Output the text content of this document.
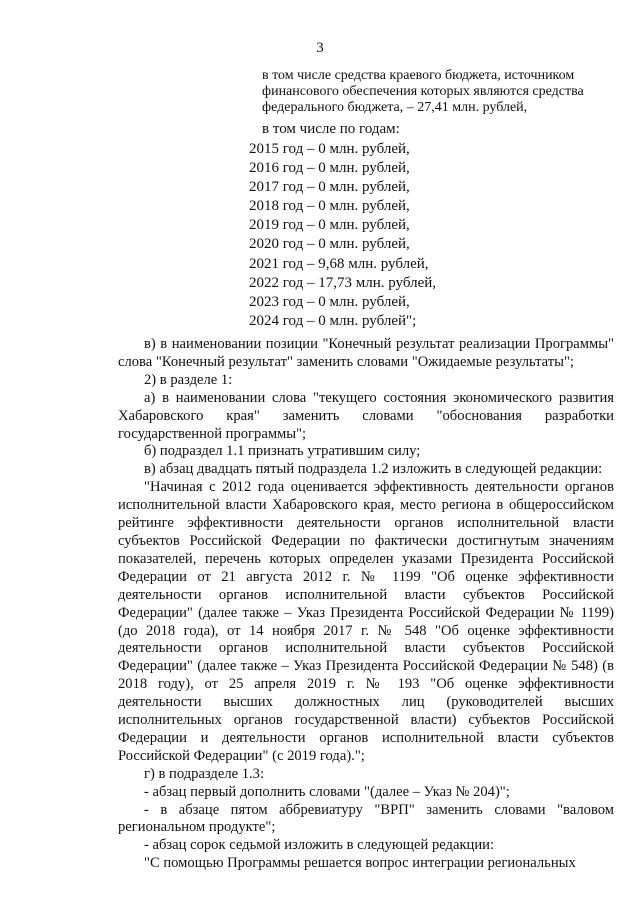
3
в том числе средства краевого бюджета, источником финансового обеспечения которых являются средства федерального бюджета, – 27,41 млн. рублей,
в том числе по годам:
2015 год – 0 млн. рублей,
2016 год – 0 млн. рублей,
2017 год – 0 млн. рублей,
2018 год – 0 млн. рублей,
2019 год – 0 млн. рублей,
2020 год – 0 млн. рублей,
2021 год – 9,68 млн. рублей,
2022 год – 17,73 млн. рублей,
2023 год – 0 млн. рублей,
2024 год – 0 млн. рублей";

в) в наименовании позиции "Конечный результат реализации Программы" слова "Конечный результат" заменить словами "Ожидаемые результаты";

2) в разделе 1:

а) в наименовании слова "текущего состояния экономического развития Хабаровского края" заменить словами "обоснования разработки государственной программы";

б) подраздел 1.1 признать утратившим силу;

в) абзац двадцать пятый подраздела 1.2 изложить в следующей редакции:

"Начиная с 2012 года оценивается эффективность деятельности органов исполнительной власти Хабаровского края, место региона в общероссийском рейтинге эффективности деятельности органов исполнительной власти субъектов Российской Федерации по фактически достигнутым значениям показателей, перечень которых определен указами Президента Российской Федерации от 21 августа 2012 г. № 1199 "Об оценке эффективности деятельности органов исполнительной власти субъектов Российской Федерации" (далее также – Указ Президента Российской Федерации № 1199) (до 2018 года), от 14 ноября 2017 г. № 548 "Об оценке эффективности деятельности органов исполнительной власти субъектов Российской Федерации" (далее также – Указ Президента Российской Федерации № 548) (в 2018 году), от 25 апреля 2019 г. № 193 "Об оценке эффективности деятельности высших должностных лиц (руководителей высших исполнительных органов государственной власти) субъектов Российской Федерации и деятельности органов исполнительной власти субъектов Российской Федерации" (с 2019 года).";

г) в подразделе 1.3:

- абзац первый дополнить словами "(далее – Указ № 204)";

- в абзаце пятом аббревиатуру "ВРП" заменить словами "валовом региональном продукте";

- абзац сорок седьмой изложить в следующей редакции:

"С помощью Программы решается вопрос интеграции региональных
